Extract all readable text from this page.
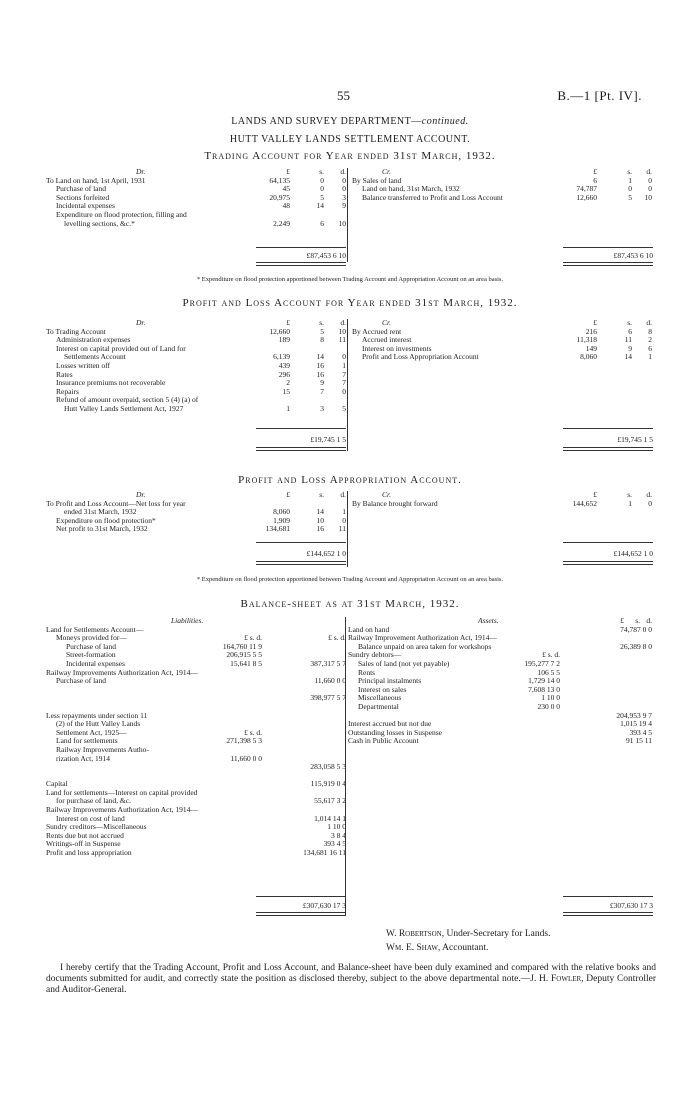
55	B.—1 [Pt. IV].
LANDS AND SURVEY DEPARTMENT—continued.
HUTT VALLEY LANDS SETTLEMENT ACCOUNT.
Trading Account for Year ended 31st March, 1932.
Dr.	£	s.	d.
To Land on hand, 1st April, 1931	64,135	0	0
Purchase of land	45	0	0
Sections forfeited	20,975	5	3
Incidental expenses	48	14	9
Expenditure on flood protection, filling and
levelling sections, &c.*	2,249	6	10
Cr.	£	s.	d.
By Sales of land	6	1	0
Land on hand, 31st March, 1932	74,787	0	0
Balance transferred to Profit and Loss Account	12,660	5	10
£87,453 6 10	£87,453 6 10
* Expenditure on flood protection apportioned between Trading Account and Appropriation Account on an area basis.
Profit and Loss Account for Year ended 31st March, 1932.
Dr.	£	s.	d.
To Trading Account	12,660	5	10
Administration expenses	189	8	11
Interest on capital provided out of Land for
Settlements Account	6,139	14	0
Losses written off	439	16	1
Rates	296	16	7
Insurance premiums not recoverable	2	9	7
Repairs	15	7	0
Refund of amount overpaid, section 5 (4) (a) of
Hutt Valley Lands Settlement Act, 1927	1	3	5
Cr.	£	s.	d.
By Accrued rent	216	6	8
Accrued interest	11,318	11	2
Interest on investments	149	9	6
Profit and Loss Appropriation Account	8,060	14	1
£19,745 1 5	£19,745 1 5
Profit and Loss Appropriation Account.
Dr.	£	s.	d.
To Profit and Loss Account—Net loss for year
ended 31st March, 1932	8,060	14	1
Expenditure on flood protection*	1,909	10	0
Net profit to 31st March, 1932	134,681	16	11
Cr.	£	s.	d.
By Balance brought forward	144,652	1	0
£144,652 1 0	£144,652 1 0
* Expenditure on flood protection apportioned between Trading Account and Appropriation Account on an area basis.
Balance-sheet as at 31st March, 1932.
Liabilities.
Land for Settlements Account—
Moneys provided for—	£ s. d.	£ s. d.
Purchase of land	164,760 11 9
Street-formation	206,915 5 5
Incidental expenses	15,641 8 5	387,317 5 7
Railway Improvements Authorization Act, 1914—
Purchase of land	11,660 0 0
398,977 5 7
Less repayments under section 11
(2) of the Hutt Valley Lands
Settlement Act, 1925—	£ s. d.
Land for settlements	271,398 5 3
Railway Improvements Autho-
rization Act, 1914	11,660 0 0
283,058 5 3
Capital	115,919 0 4
Land for settlements—Interest on capital provided
for purchase of land, &c.	55,617 3 2
Railway Improvements Authorization Act, 1914—
Interest on cost of land	1,014 14 1
Sundry creditors—Miscellaneous	1 10 0
Rents due but not accrued	3 8 4
Writings-off in Suspense	393 4 5
Profit and loss appropriation	134,681 16 11
Assets.	£	s. d.
Land on hand	74,787 0 0
Railway Improvement Authorization Act, 1914—
Balance unpaid on area taken for workshops	26,389 8 0
Sundry debtors—	£ s. d.
Sales of land (not yet payable)	195,277 7 2
Rents	106 5 5
Principal instalments	1,729 14 0
Interest on sales	7,608 13 0
Miscellaneous	1 10 0
Departmental	230 0 0
204,953 9 7
Interest accrued but not due	1,015 19 4
Outstanding losses in Suspense	393 4 5
Cash in Public Account	91 15 11
£307,630 17 3	£307,630 17 3
W. Robertson, Under-Secretary for Lands.
Wm. E. Shaw, Accountant.
I hereby certify that the Trading Account, Profit and Loss Account, and Balance-sheet have been duly examined and compared with the relative books and documents submitted for audit, and correctly state the position as disclosed thereby, subject to the above departmental note.—J. H. Fowler, Deputy Controller and Auditor-General.
